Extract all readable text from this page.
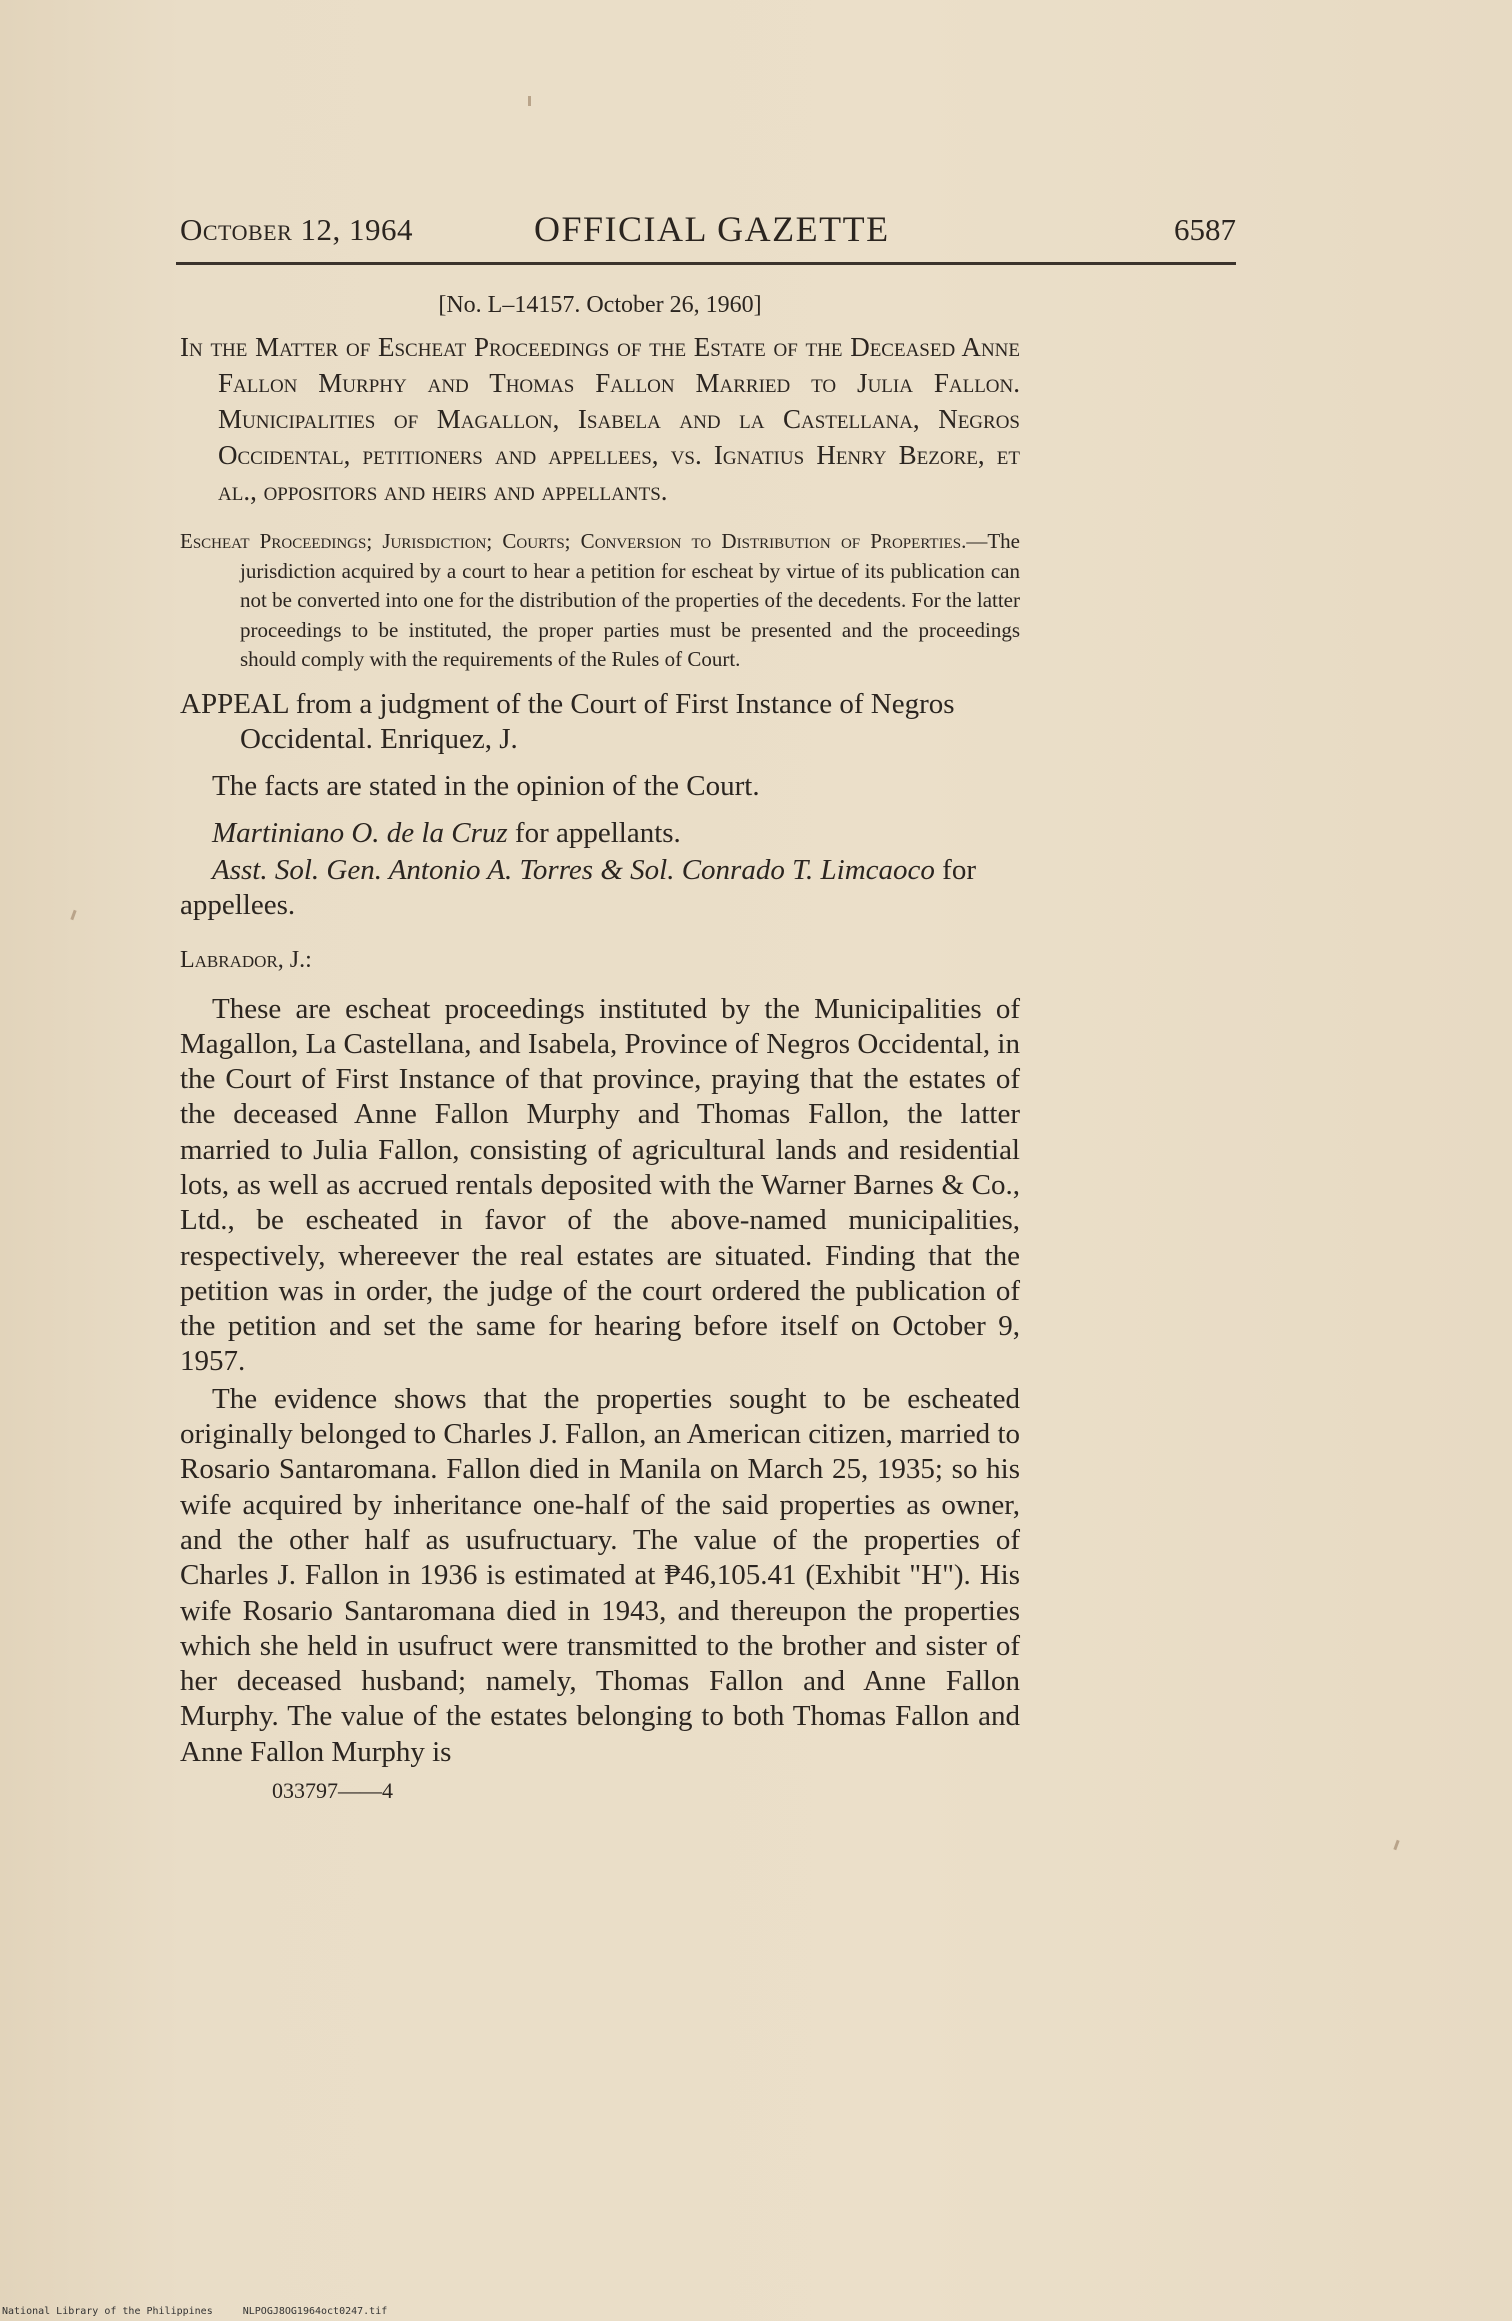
October 12, 1964	OFFICIAL GAZETTE	6587
[No. L–14157. October 26, 1960]
In the Matter of Escheat Proceedings of the Estate of the Deceased Anne Fallon Murphy and Thomas Fallon Married to Julia Fallon. Municipalities of Magallon, Isabela and la Castellana, Negros Occidental, petitioners and appellees, vs. Ignatius Henry Bezore, et al., oppositors and heirs and appellants.
Escheat Proceedings; Jurisdiction; Courts; Conversion to Distribution of Properties.—The jurisdiction acquired by a court to hear a petition for escheat by virtue of its publication can not be converted into one for the distribution of the properties of the decedents. For the latter proceedings to be instituted, the proper parties must be presented and the proceedings should comply with the requirements of the Rules of Court.
APPEAL from a judgment of the Court of First Instance of Negros Occidental. Enriquez, J.
The facts are stated in the opinion of the Court.
Martiniano O. de la Cruz for appellants.
Asst. Sol. Gen. Antonio A. Torres & Sol. Conrado T. Limcaoco for appellees.
Labrador, J.:

These are escheat proceedings instituted by the Municipalities of Magallon, La Castellana, and Isabela, Province of Negros Occidental, in the Court of First Instance of that province, praying that the estates of the deceased Anne Fallon Murphy and Thomas Fallon, the latter married to Julia Fallon, consisting of agricultural lands and residential lots, as well as accrued rentals deposited with the Warner Barnes & Co., Ltd., be escheated in favor of the above-named municipalities, respectively, whereever the real estates are situated. Finding that the petition was in order, the judge of the court ordered the publication of the petition and set the same for hearing before itself on October 9, 1957.

The evidence shows that the properties sought to be escheated originally belonged to Charles J. Fallon, an American citizen, married to Rosario Santaromana. Fallon died in Manila on March 25, 1935; so his wife acquired by inheritance one-half of the said properties as owner, and the other half as usufructuary. The value of the properties of Charles J. Fallon in 1936 is estimated at ₱46,105.41 (Exhibit "H"). His wife Rosario Santaromana died in 1943, and thereupon the properties which she held in usufruct were transmitted to the brother and sister of her deceased husband; namely, Thomas Fallon and Anne Fallon Murphy. The value of the estates belonging to both Thomas Fallon and Anne Fallon Murphy is

033797——4
National Library of the Philippines	NLPOGJ8OG1964oct0247.tif
